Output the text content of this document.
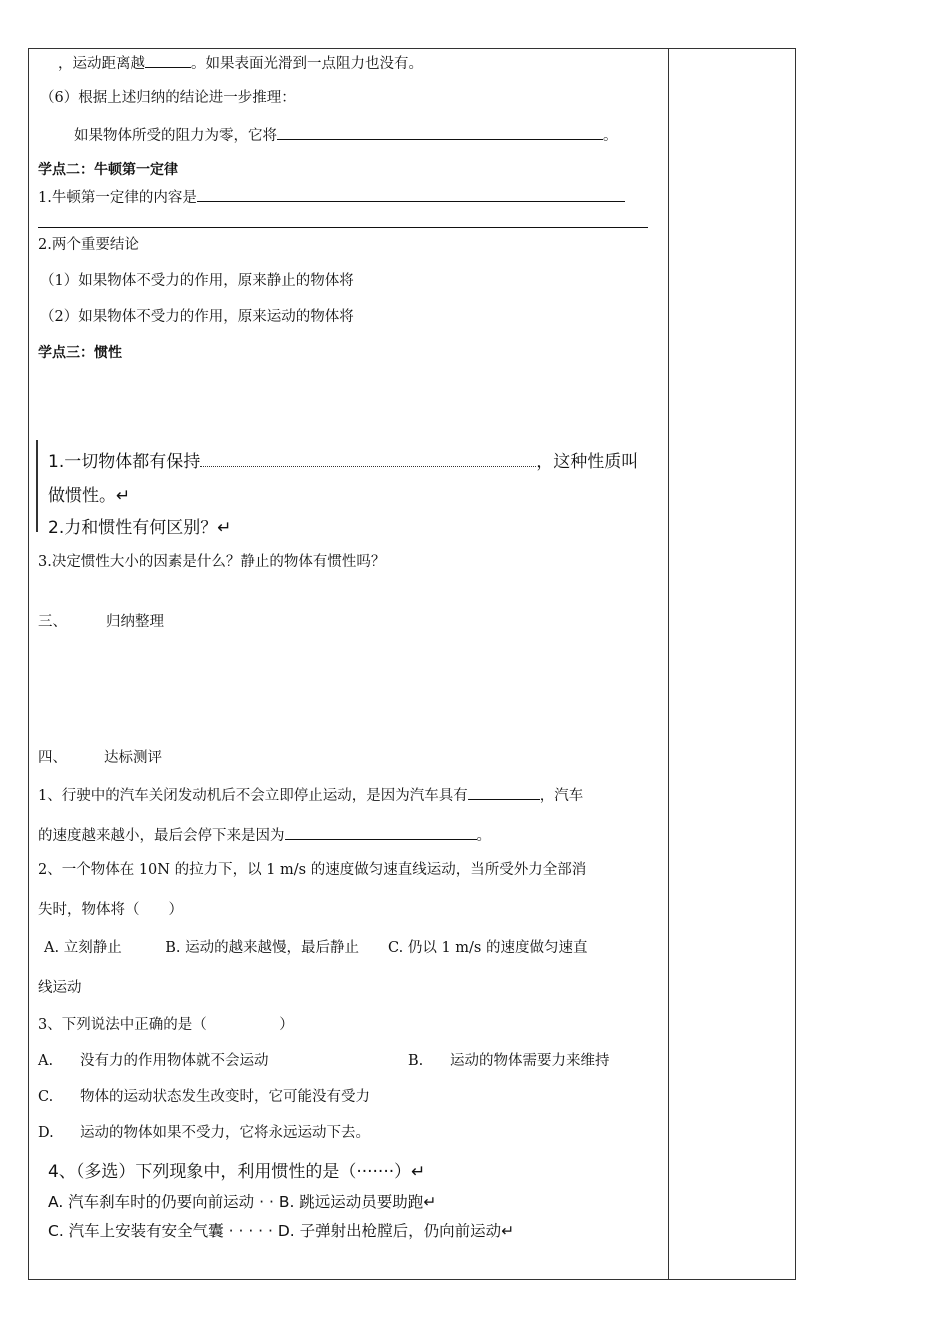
，运动距离越	。如果表面光滑到一点阻力也没有。
（6）根据上述归纳的结论进一步推理：
如果物体所受的阻力为零，它将	。
学点二：牛顿第一定律
1.牛顿第一定律的内容是
2.两个重要结论
（1）如果物体不受力的作用，原来静止的物体将
（2）如果物体不受力的作用，原来运动的物体将
学点三：惯性
1.一切物体都有保持	，这种性质叫
做惯性。↵
2.力和惯性有何区别？↵
3.决定惯性大小的因素是什么？静止的物体有惯性吗？
三、	归纳整理
四、	达标测评
1、行驶中的汽车关闭发动机后不会立即停止运动，是因为汽车具有	，汽车
的速度越来越小，最后会停下来是因为	。
2、一个物体在 10N 的拉力下，以 1 m/s 的速度做匀速直线运动，当所受外力全部消
失时，物体将（　　）
A. 立刻静止　　　B. 运动的越来越慢，最后静止　　C. 仍以 1 m/s 的速度做匀速直
线运动
3、下列说法中正确的是（　　　　　）
A. 没有力的作用物体就不会运动	B. 运动的物体需要力来维持
C. 物体的运动状态发生改变时，它可能没有受力
D. 运动的物体如果不受力，它将永远运动下去。
4、（多选）下列现象中，利用惯性的是（·······）↵
A. 汽车刹车时的仍要向前运动 · · B. 跳远运动员要助跑↵
C. 汽车上安装有安全气囊 · · · · · D. 子弹射出枪膛后，仍向前运动↵
